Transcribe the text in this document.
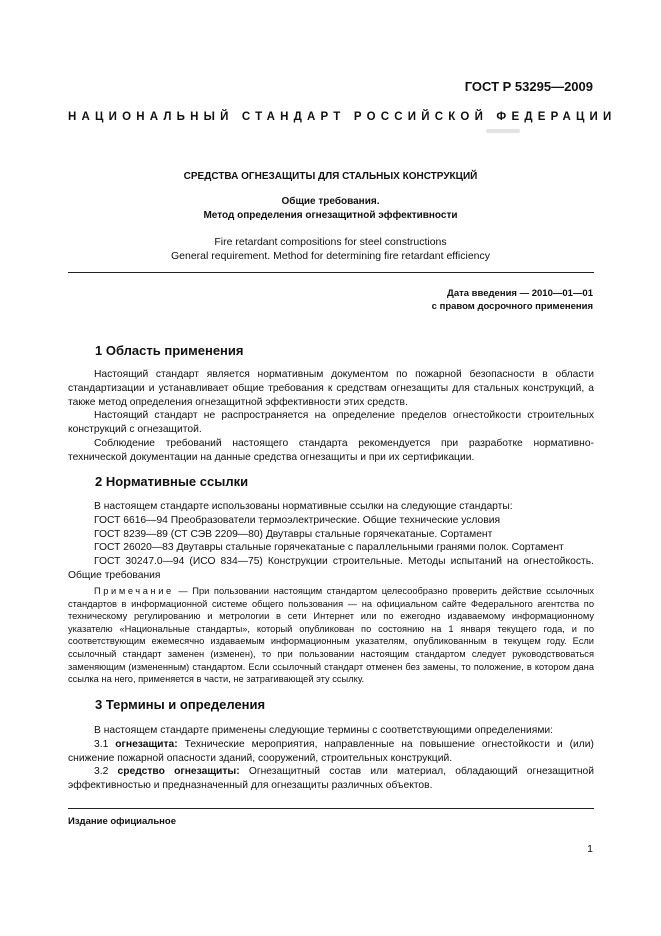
ГОСТ Р 53295—2009
НАЦИОНАЛЬНЫЙ СТАНДАРТ РОССИЙСКОЙ ФЕДЕРАЦИИ
СРЕДСТВА ОГНЕЗАЩИТЫ ДЛЯ СТАЛЬНЫХ КОНСТРУКЦИЙ
Общие требования.
Метод определения огнезащитной эффективности
Fire retardant compositions for steel constructions
General requirement. Method for determining fire retardant efficiency
Дата введения — 2010—01—01
с правом досрочного применения
1 Область применения

Настоящий стандарт является нормативным документом по пожарной безопасности в области стандартизации и устанавливает общие требования к средствам огнезащиты для стальных конструкций, а также метод определения огнезащитной эффективности этих средств.

Настоящий стандарт не распространяется на определение пределов огнестойкости строительных конструкций с огнезащитой.

Соблюдение требований настоящего стандарта рекомендуется при разработке нормативно-технической документации на данные средства огнезащиты и при их сертификации.

2 Нормативные ссылки

В настоящем стандарте использованы нормативные ссылки на следующие стандарты:

ГОСТ 6616—94 Преобразователи термоэлектрические. Общие технические условия

ГОСТ 8239—89 (СТ СЭВ 2209—80) Двутавры стальные горячекатаные. Сортамент

ГОСТ 26020—83 Двутавры стальные горячекатаные с параллельными гранями полок. Сортамент

ГОСТ 30247.0—94 (ИСО 834—75) Конструкции строительные. Методы испытаний на огнестойкость. Общие требования

Примечание — При пользовании настоящим стандартом целесообразно проверить действие ссылочных стандартов в информационной системе общего пользования — на официальном сайте Федерального агентства по техническому регулированию и метрологии в сети Интернет или по ежегодно издаваемому информационному указателю «Национальные стандарты», который опубликован по состоянию на 1 января текущего года, и по соответствующим ежемесячно издаваемым информационным указателям, опубликованным в текущем году. Если ссылочный стандарт заменен (изменен), то при пользовании настоящим стандартом следует руководствоваться заменяющим (измененным) стандартом. Если ссылочный стандарт отменен без замены, то положение, в котором дана ссылка на него, применяется в части, не затрагивающей эту ссылку.

3 Термины и определения

В настоящем стандарте применены следующие термины с соответствующими определениями:

3.1 огнезащита: Технические мероприятия, направленные на повышение огнестойкости и (или) снижение пожарной опасности зданий, сооружений, строительных конструкций.

3.2 средство огнезащиты: Огнезащитный состав или материал, обладающий огнезащитной эффективностью и предназначенный для огнезащиты различных объектов.

Издание официальное
1
